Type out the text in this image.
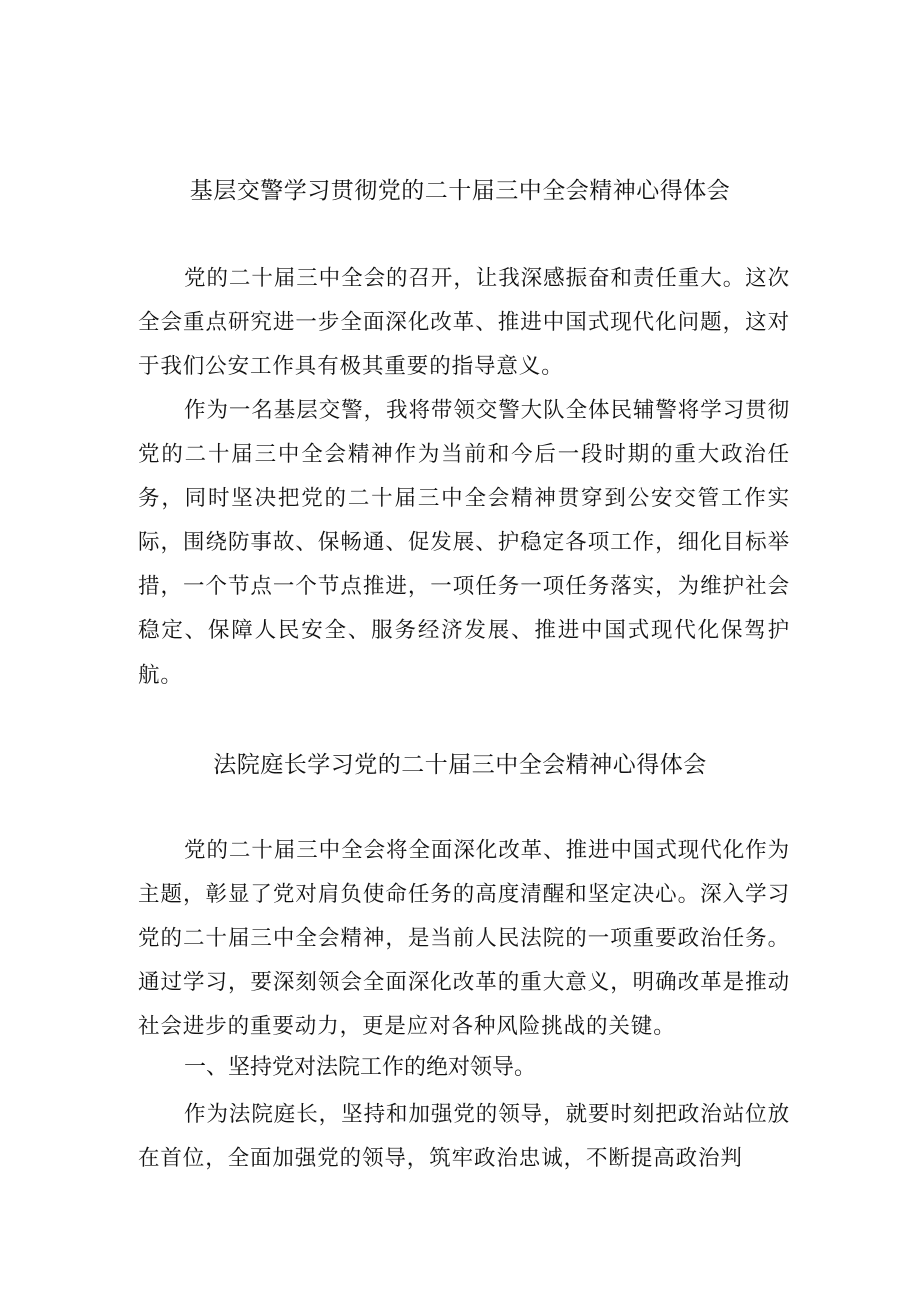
基层交警学习贯彻党的二十届三中全会精神心得体会

党的二十届三中全会的召开，让我深感振奋和责任重大。这次全会重点研究进一步全面深化改革、推进中国式现代化问题，这对于我们公安工作具有极其重要的指导意义。

作为一名基层交警，我将带领交警大队全体民辅警将学习贯彻党的二十届三中全会精神作为当前和今后一段时期的重大政治任务，同时坚决把党的二十届三中全会精神贯穿到公安交管工作实际，围绕防事故、保畅通、促发展、护稳定各项工作，细化目标举措，一个节点一个节点推进，一项任务一项任务落实，为维护社会稳定、保障人民安全、服务经济发展、推进中国式现代化保驾护航。

法院庭长学习党的二十届三中全会精神心得体会

党的二十届三中全会将全面深化改革、推进中国式现代化作为主题，彰显了党对肩负使命任务的高度清醒和坚定决心。深入学习党的二十届三中全会精神，是当前人民法院的一项重要政治任务。通过学习，要深刻领会全面深化改革的重大意义，明确改革是推动社会进步的重要动力，更是应对各种风险挑战的关键。

一、坚持党对法院工作的绝对领导。

作为法院庭长，坚持和加强党的领导，就要时刻把政治站位放在首位，全面加强党的领导，筑牢政治忠诚，不断提高政治判
